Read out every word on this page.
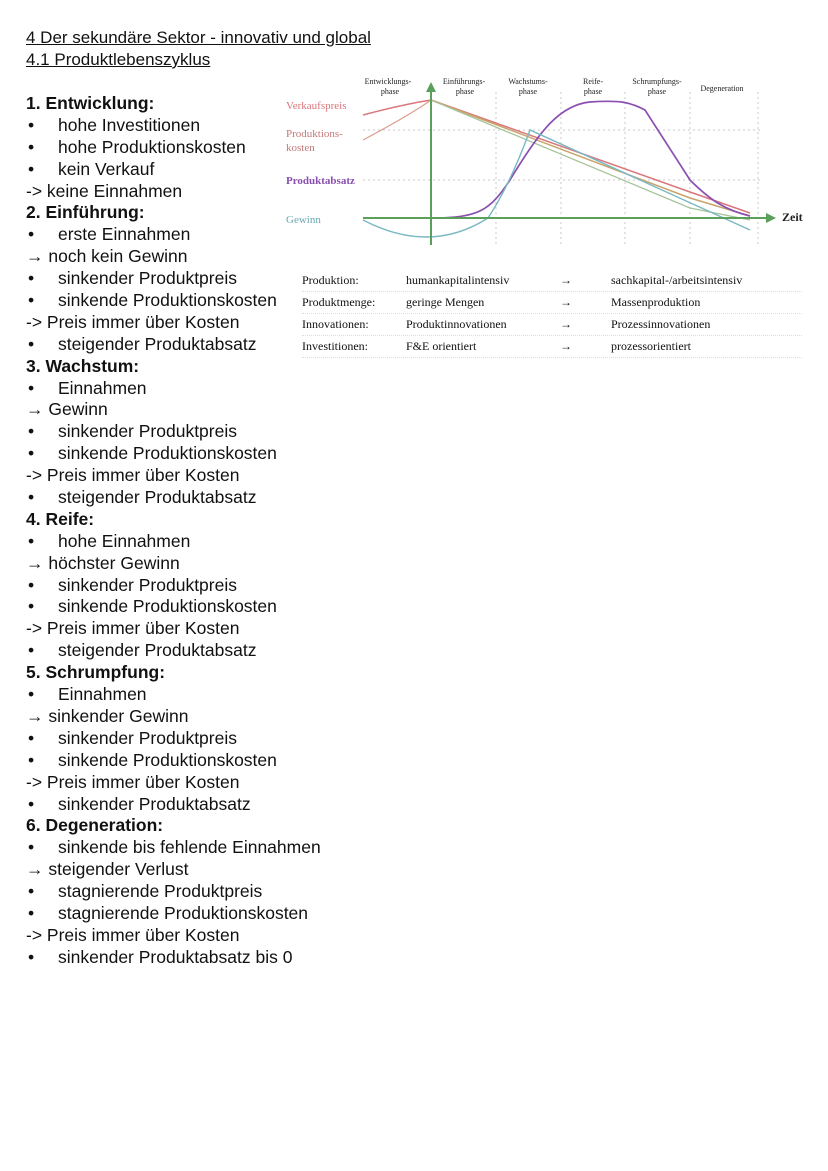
4 Der sekundäre Sektor - innovativ und global
4.1 Produktlebenszyklus
1. Entwicklung:
• hohe Investitionen
• hohe Produktionskosten
• kein Verkauf
-> keine Einnahmen
2. Einführung:
• erste Einnahmen
→ noch kein Gewinn
• sinkender Produktpreis
• sinkende Produktionskosten
-> Preis immer über Kosten
• steigender Produktabsatz
3. Wachstum:
• Einnahmen
→ Gewinn
• sinkender Produktpreis
• sinkende Produktionskosten
-> Preis immer über Kosten
• steigender Produktabsatz
4. Reife:
• hohe Einnahmen
→ höchster Gewinn
• sinkender Produktpreis
• sinkende Produktionskosten
-> Preis immer über Kosten
• steigender Produktabsatz
5. Schrumpfung:
• Einnahmen
→ sinkender Gewinn
• sinkender Produktpreis
• sinkende Produktionskosten
-> Preis immer über Kosten
• sinkender Produktabsatz
6. Degeneration:
• sinkende bis fehlende Einnahmen
→ steigender Verlust
• stagnierende Produktpreis
• stagnierende Produktionskosten
-> Preis immer über Kosten
• sinkender Produktabsatz bis 0
Entwicklungs-
phase
Einführungs-
phase
Wachstums-
phase
Reife-
phase
Schrumpfungs-
phase	Degeneration
Verkaufspreis
Produktions-
kosten
Produktabsatz
Gewinn	Zeit
Produktion:	humankapitalintensiv	→	sachkapital-/arbeitsintensiv
Produktmenge:	geringe Mengen	→	Massenproduktion
Innovationen:	Produktinnovationen	→	Prozessinnovationen
Investitionen:	F&E orientiert	→	prozessorientiert
